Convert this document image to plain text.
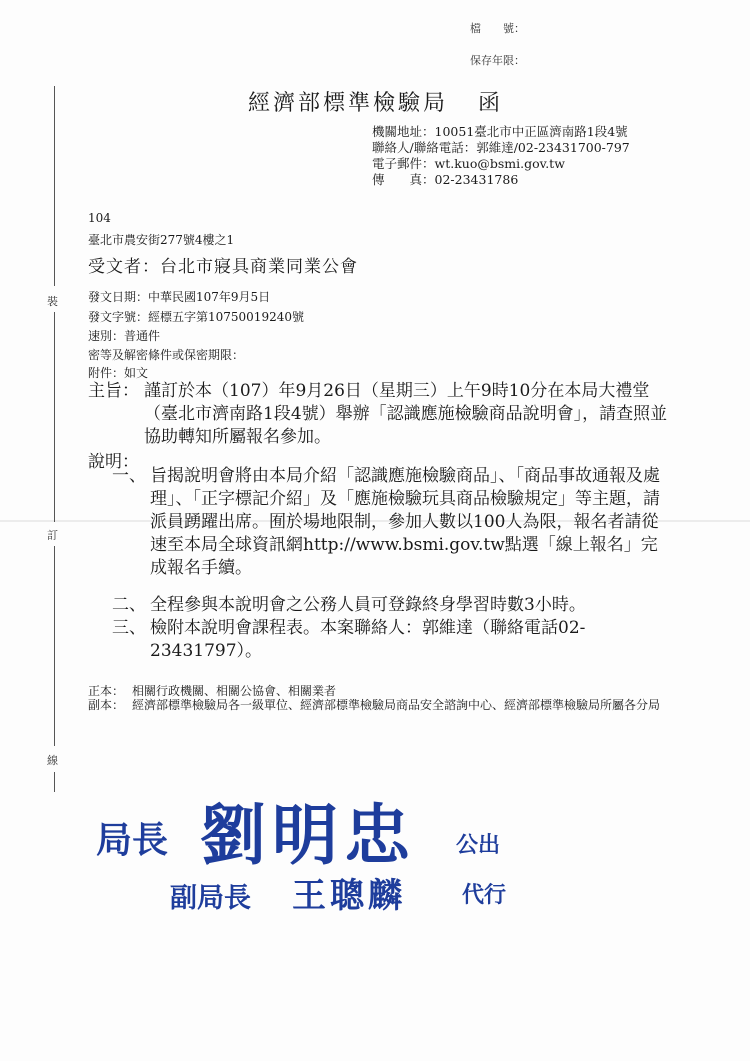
檔　　號：
保存年限：
經濟部標準檢驗局 函
機關地址：10051臺北市中正區濟南路1段4號
聯絡人/聯絡電話：郭維達/02-23431700-797
電子郵件：wt.kuo@bsmi.gov.tw
傳　　真：02-23431786
裝
訂
線
104
臺北市農安街277號4樓之1
受文者：台北市寢具商業同業公會
發文日期：中華民國107年9月5日
發文字號：經標五字第10750019240號
速別：普通件
密等及解密條件或保密期限：
附件：如文
主旨： 謹訂於本（107）年9月26日（星期三）上午9時10分在本局大禮堂（臺北市濟南路1段4號）舉辦「認識應施檢驗商品說明會」，請查照並協助轉知所屬報名參加。
說明：
一、 旨揭說明會將由本局介紹「認識應施檢驗商品」、「商品事故通報及處理」、「正字標記介紹」及「應施檢驗玩具商品檢驗規定」等主題，請派員踴躍出席。囿於場地限制，參加人數以100人為限，報名者請從速至本局全球資訊網http://www.bsmi.gov.tw點選「線上報名」完成報名手續。
二、 全程參與本說明會之公務人員可登錄終身學習時數3小時。
三、 檢附本說明會課程表。本案聯絡人：郭維達（聯絡電話02-23431797）。
正本： 相關行政機關、相關公協會、相關業者
副本： 經濟部標準檢驗局各一級單位、經濟部標準檢驗局商品安全諮詢中心、經濟部標準檢驗局所屬各分局
局長 劉明忠 公出
副局長 王聰麟	代行
